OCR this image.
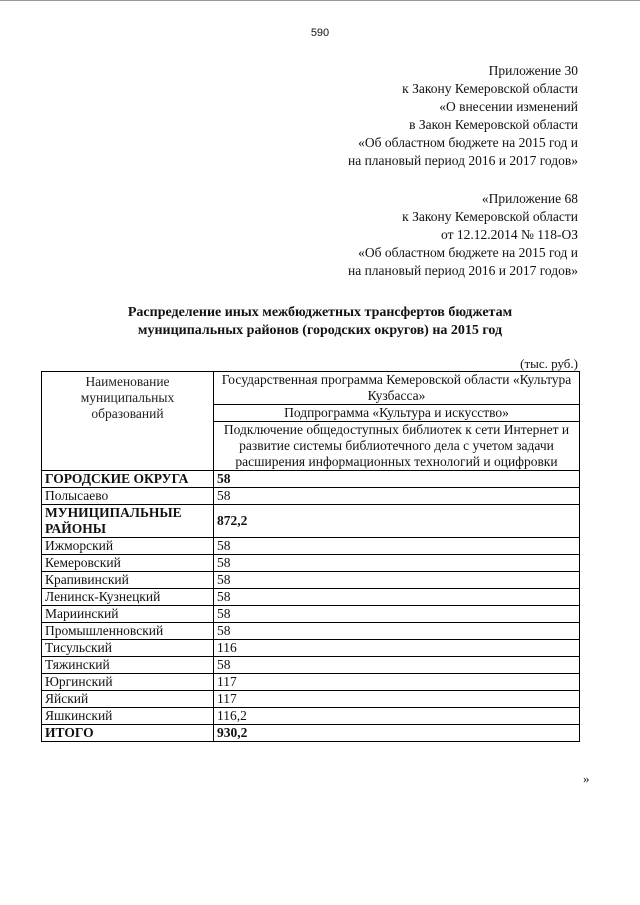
590
Приложение 30
к Закону Кемеровской области
«О внесении изменений
в Закон Кемеровской области
«Об областном бюджете на 2015 год и
на плановый период 2016 и 2017 годов»
«Приложение 68
к Закону Кемеровской области
от 12.12.2014 № 118-ОЗ
«Об областном бюджете на 2015 год и
на плановый период 2016 и 2017 годов»
Распределение иных межбюджетных трансфертов бюджетам
муниципальных районов (городских округов) на 2015 год
(тыс. руб.)
Наименование муниципальных образований	Государственная программа Кемеровской области «Культура Кузбасса»
	Подпрограмма «Культура и искусство»
	Подключение общедоступных библиотек к сети Интернет и развитие системы библиотечного дела с учетом задачи расширения информационных технологий и оцифровки
ГОРОДСКИЕ ОКРУГА	58
Полысаево	58
МУНИЦИПАЛЬНЫЕ РАЙОНЫ	872,2
Ижморский	58
Кемеровский	58
Крапивинский	58
Ленинск-Кузнецкий	58
Мариинский	58
Промышленновский	58
Тисульский	116
Тяжинский	58
Юргинский	117
Яйский	117
Яшкинский	116,2
ИТОГО	930,2
»
